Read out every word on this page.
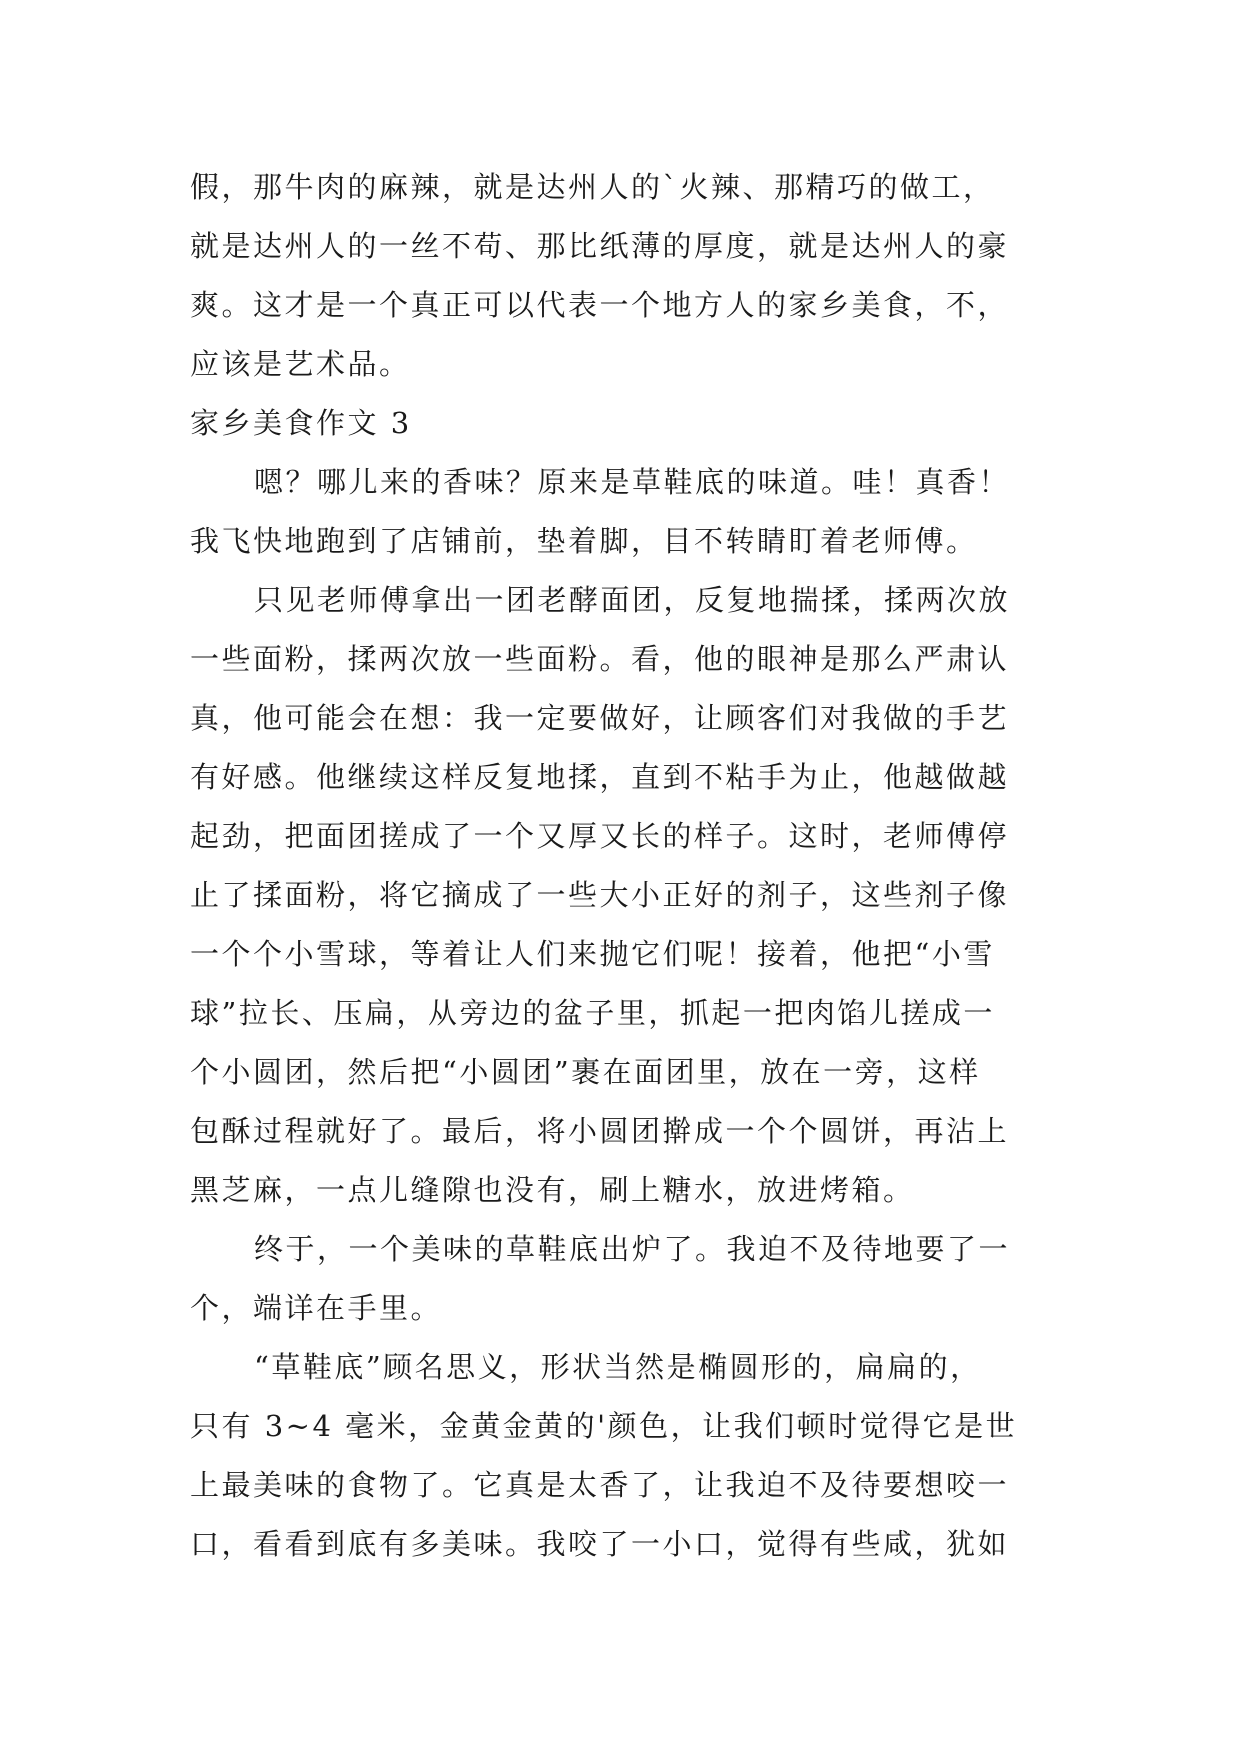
假，那牛肉的麻辣，就是达州人的`火辣、那精巧的做工，
就是达州人的一丝不苟、那比纸薄的厚度，就是达州人的豪
爽。这才是一个真正可以代表一个地方人的家乡美食，不，
应该是艺术品。
家乡美食作文 3
嗯？哪儿来的香味？原来是草鞋底的味道。哇！真香！
我飞快地跑到了店铺前，垫着脚，目不转睛盯着老师傅。
只见老师傅拿出一团老酵面团，反复地揣揉，揉两次放
一些面粉，揉两次放一些面粉。看，他的眼神是那么严肃认
真，他可能会在想：我一定要做好，让顾客们对我做的手艺
有好感。他继续这样反复地揉，直到不粘手为止，他越做越
起劲，把面团搓成了一个又厚又长的样子。这时，老师傅停
止了揉面粉，将它摘成了一些大小正好的剂子，这些剂子像
一个个小雪球，等着让人们来抛它们呢！接着，他把“小雪
球”拉长、压扁，从旁边的盆子里，抓起一把肉馅儿搓成一
个小圆团，然后把“小圆团”裹在面团里，放在一旁，这样
包酥过程就好了。最后，将小圆团擀成一个个圆饼，再沾上
黑芝麻，一点儿缝隙也没有，刷上糖水，放进烤箱。
终于，一个美味的草鞋底出炉了。我迫不及待地要了一
个，端详在手里。
“草鞋底”顾名思义，形状当然是椭圆形的，扁扁的，
只有 3~4 毫米，金黄金黄的'颜色，让我们顿时觉得它是世
上最美味的食物了。它真是太香了，让我迫不及待要想咬一
口，看看到底有多美味。我咬了一小口，觉得有些咸，犹如
